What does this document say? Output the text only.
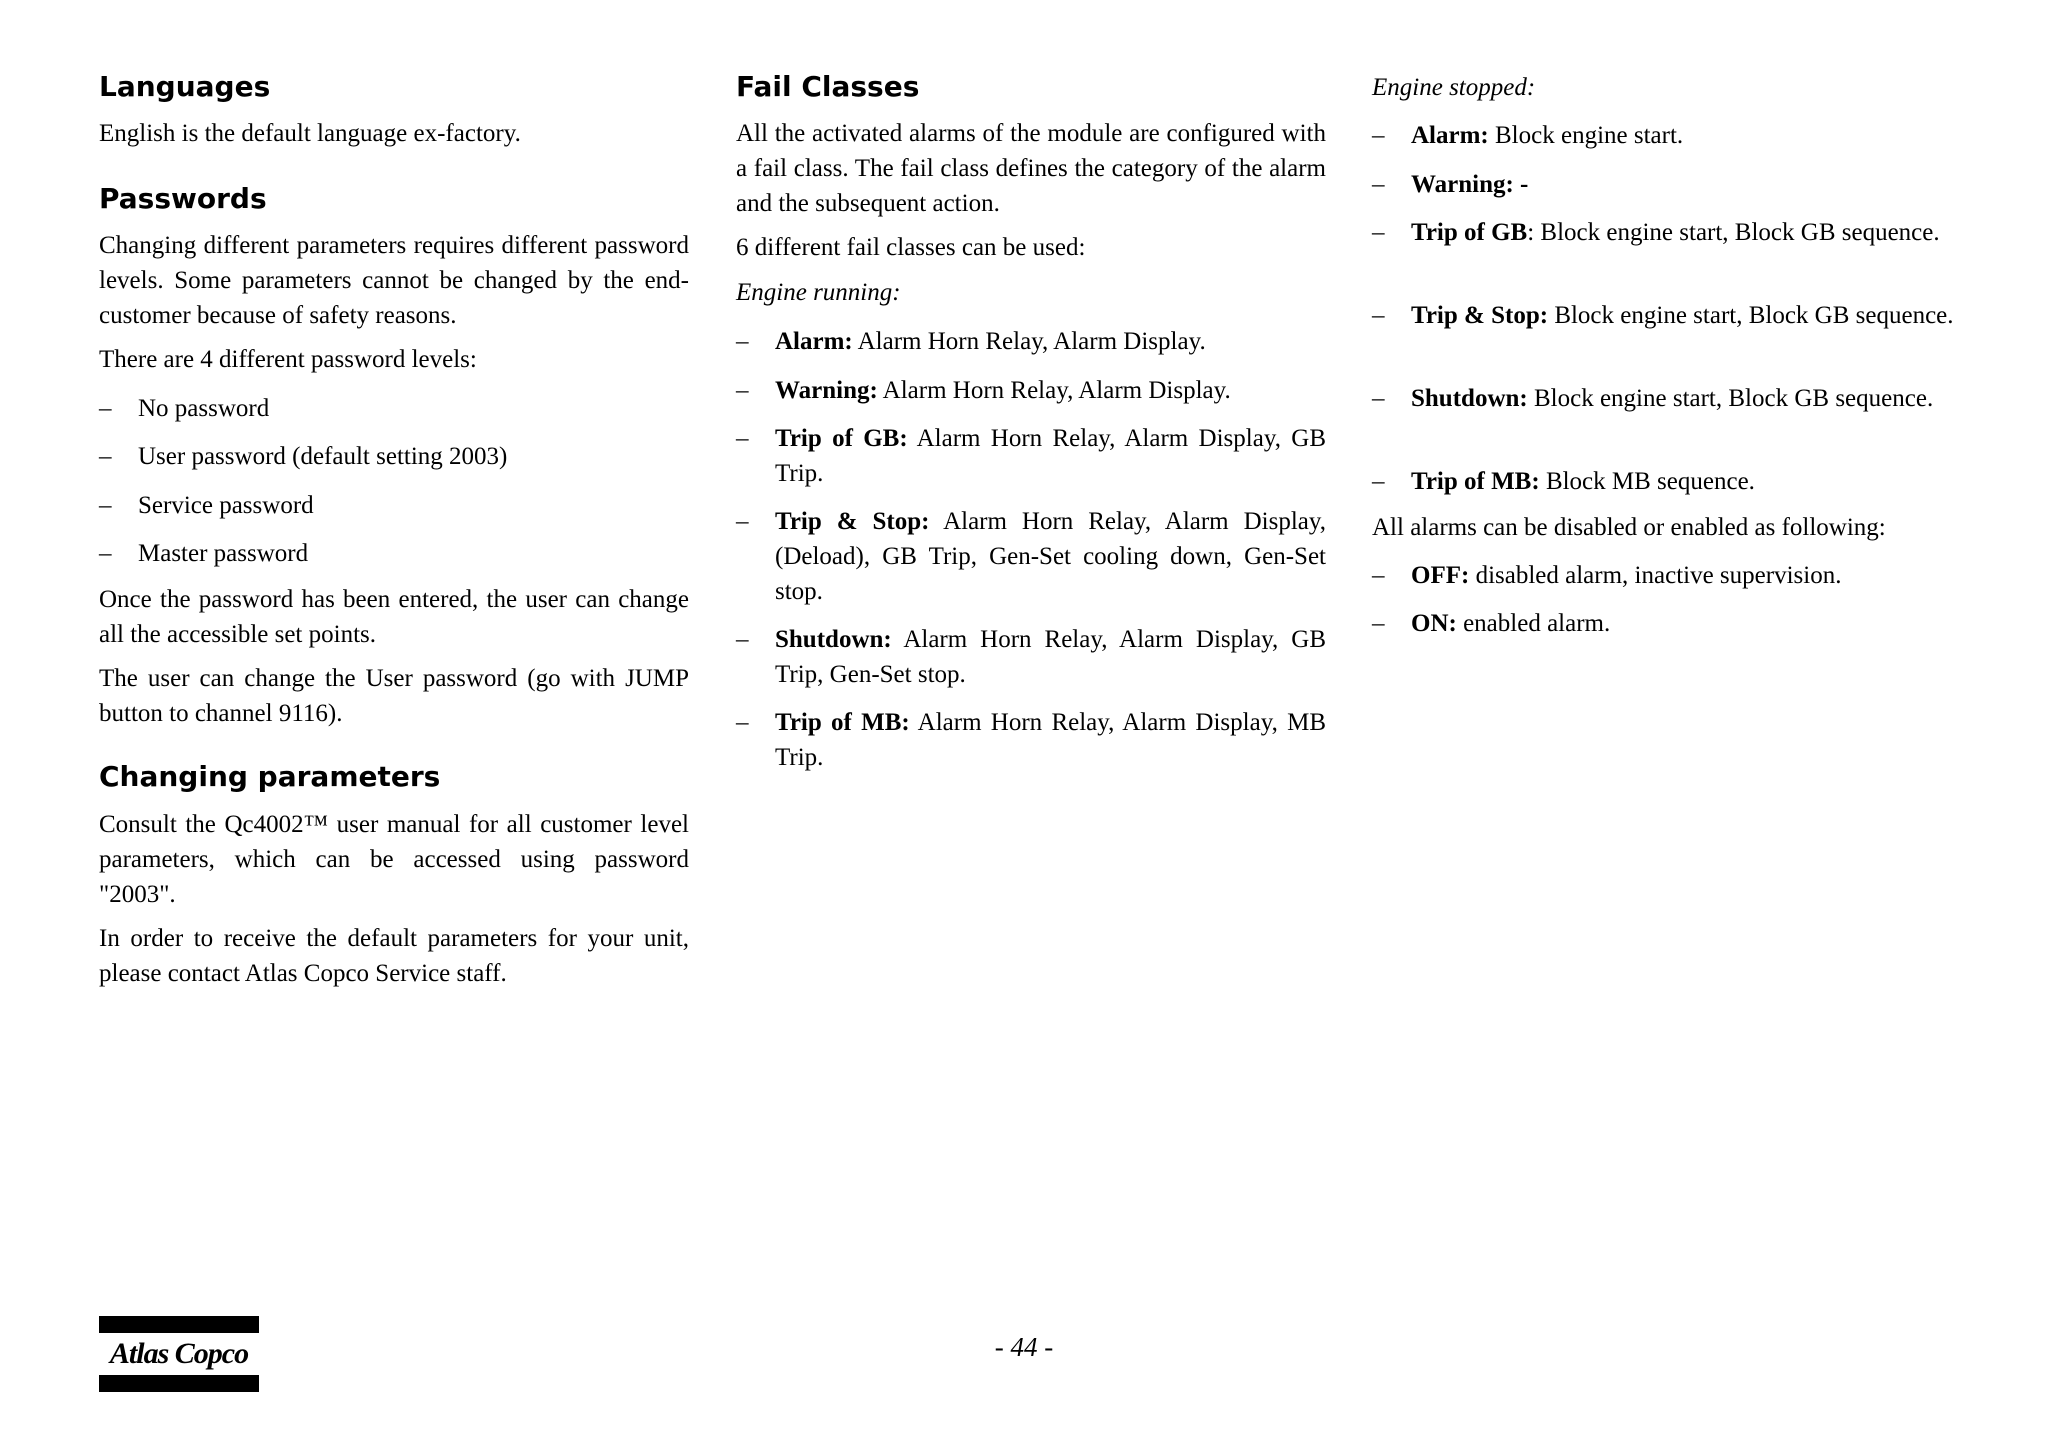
Languages

English is the default language ex-factory.

Passwords

Changing different parameters requires different password levels. Some parameters cannot be changed by the end-customer because of safety reasons.

There are 4 different password levels:

– No password
– User password (default setting 2003)
– Service password
– Master password

Once the password has been entered, the user can change all the accessible set points.

The user can change the User password (go with JUMP button to channel 9116).

Changing parameters

Consult the Qc4002™ user manual for all customer level parameters, which can be accessed using password "2003".

In order to receive the default parameters for your unit, please contact Atlas Copco Service staff.

Fail Classes

All the activated alarms of the module are configured with a fail class. The fail class defines the category of the alarm and the subsequent action.

6 different fail classes can be used:

Engine running:

– Alarm: Alarm Horn Relay, Alarm Display.
– Warning: Alarm Horn Relay, Alarm Display.
– Trip of GB: Alarm Horn Relay, Alarm Display, GB Trip.
– Trip & Stop: Alarm Horn Relay, Alarm Display, (Deload), GB Trip, Gen-Set cooling down, Gen-Set stop.
– Shutdown: Alarm Horn Relay, Alarm Display, GB Trip, Gen-Set stop.
– Trip of MB: Alarm Horn Relay, Alarm Display, MB Trip.

Engine stopped:

– Alarm: Block engine start.
– Warning: -
– Trip of GB: Block engine start, Block GB sequence.
– Trip & Stop: Block engine start, Block GB sequence.
– Shutdown: Block engine start, Block GB sequence.
– Trip of MB: Block MB sequence.

All alarms can be disabled or enabled as following:

– OFF: disabled alarm, inactive supervision.
– ON: enabled alarm.
Atlas Copco	- 44 -
